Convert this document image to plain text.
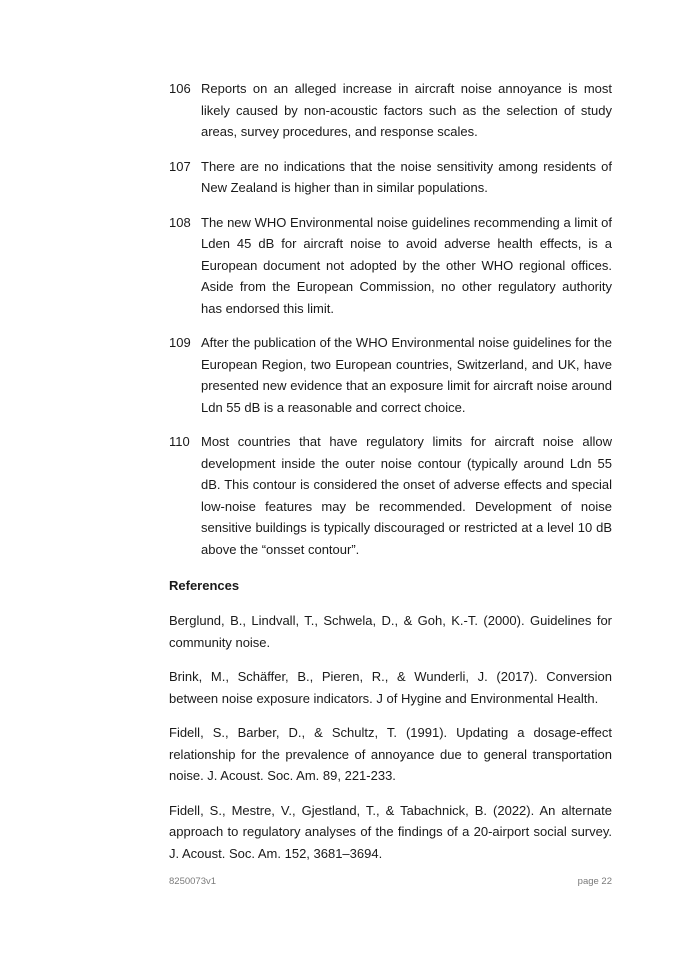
106 Reports on an alleged increase in aircraft noise annoyance is most likely caused by non-acoustic factors such as the selection of study areas, survey procedures, and response scales.
107 There are no indications that the noise sensitivity among residents of New Zealand is higher than in similar populations.
108 The new WHO Environmental noise guidelines recommending a limit of Lden 45 dB for aircraft noise to avoid adverse health effects, is a European document not adopted by the other WHO regional offices. Aside from the European Commission, no other regulatory authority has endorsed this limit.
109 After the publication of the WHO Environmental noise guidelines for the European Region, two European countries, Switzerland, and UK, have presented new evidence that an exposure limit for aircraft noise around Ldn 55 dB is a reasonable and correct choice.
110 Most countries that have regulatory limits for aircraft noise allow development inside the outer noise contour (typically around Ldn 55 dB. This contour is considered the onset of adverse effects and special low-noise features may be recommended. Development of noise sensitive buildings is typically discouraged or restricted at a level 10 dB above the “onsset contour”.
References
Berglund, B., Lindvall, T., Schwela, D., & Goh, K.-T. (2000). Guidelines for community noise.
Brink, M., Schäffer, B., Pieren, R., & Wunderli, J. (2017). Conversion between noise exposure indicators. J of Hygine and Environmental Health.
Fidell, S., Barber, D., & Schultz, T. (1991). Updating a dosage-effect relationship for the prevalence of annoyance due to general transportation noise. J. Acoust. Soc. Am. 89, 221-233.
Fidell, S., Mestre, V., Gjestland, T., & Tabachnick, B. (2022). An alternate approach to regulatory analyses of the findings of a 20-airport social survey. J. Acoust. Soc. Am. 152, 3681–3694.
8250073v1	page 22
